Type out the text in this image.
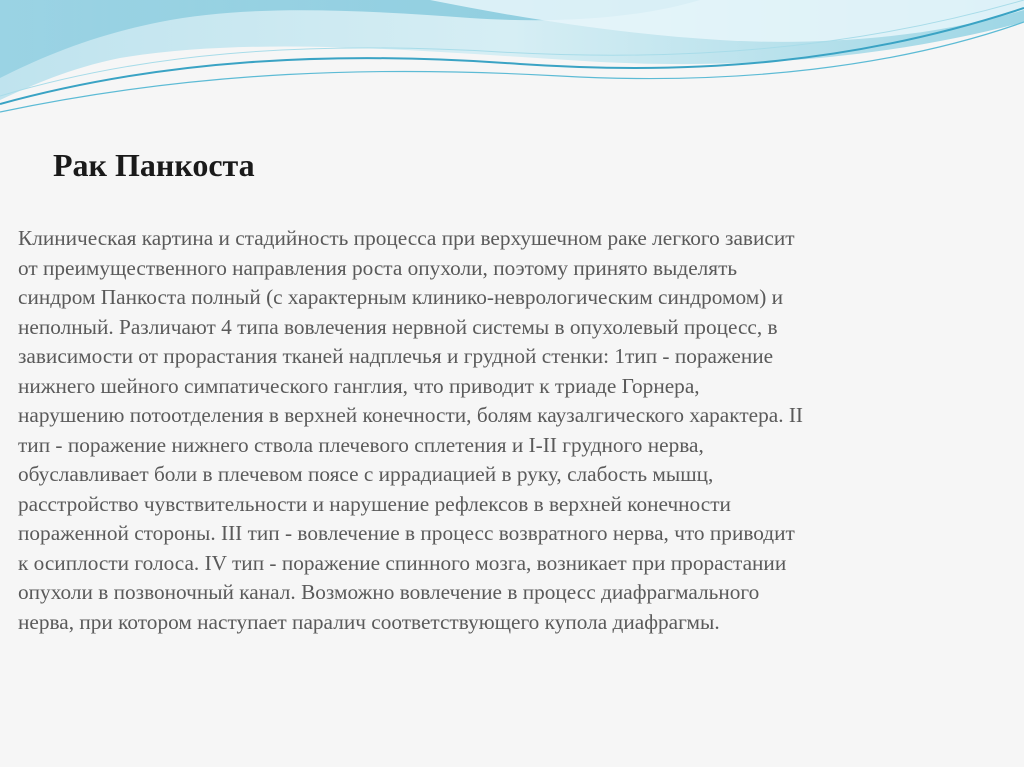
Рак Панкоста

Клиническая картина и стадийность процесса при верхушечном раке легкого зависит
от преимущественного направления роста опухоли, поэтому принято выделять
синдром Панкоста полный (с характерным клинико-неврологическим синдромом) и
неполный. Различают 4 типа вовлечения нервной системы в опухолевый процесс, в
зависимости от прорастания тканей надплечья и грудной стенки: 1тип - поражение
нижнего шейного симпатического ганглия, что приводит к триаде Горнера,
нарушению потоотделения в верхней конечности, болям каузалгического характера. II
тип - поражение нижнего ствола плечевого сплетения и I-II грудного нерва,
обуславливает боли в плечевом поясе с иррадиацией в руку, слабость мышц,
расстройство чувствительности и нарушение рефлексов в верхней конечности
пораженной стороны. III тип - вовлечение в процесс возвратного нерва, что приводит
к осиплости голоса. IV тип - поражение спинного мозга, возникает при прорастании
опухоли в позвоночный канал. Возможно вовлечение в процесс диафрагмального
нерва, при котором наступает паралич соответствующего купола диафрагмы.
